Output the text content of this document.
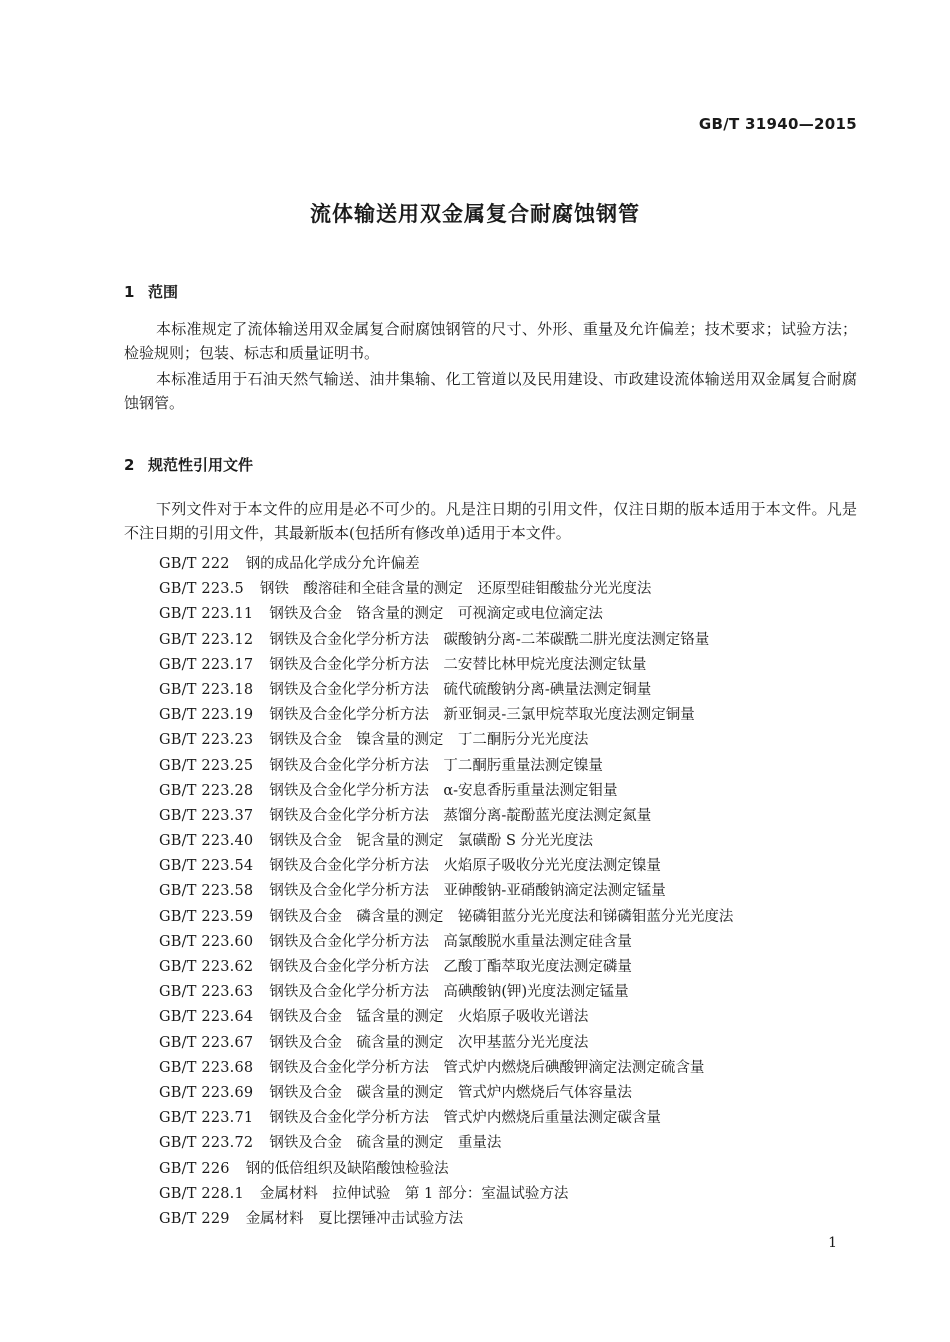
GB/T 31940—2015
流体输送用双金属复合耐腐蚀钢管
1 范围

本标准规定了流体输送用双金属复合耐腐蚀钢管的尺寸、外形、重量及允许偏差；技术要求；试验方法；检验规则；包装、标志和质量证明书。

本标准适用于石油天然气输送、油井集输、化工管道以及民用建设、市政建设流体输送用双金属复合耐腐蚀钢管。

2 规范性引用文件

下列文件对于本文件的应用是必不可少的。凡是注日期的引用文件，仅注日期的版本适用于本文件。凡是不注日期的引用文件，其最新版本(包括所有修改单)适用于本文件。

GB/T 222 钢的成品化学成分允许偏差
GB/T 223.5 钢铁　酸溶硅和全硅含量的测定　还原型硅钼酸盐分光光度法
GB/T 223.11 钢铁及合金　铬含量的测定　可视滴定或电位滴定法
GB/T 223.12 钢铁及合金化学分析方法　碳酸钠分离-二苯碳酰二肼光度法测定铬量
GB/T 223.17 钢铁及合金化学分析方法　二安替比林甲烷光度法测定钛量
GB/T 223.18 钢铁及合金化学分析方法　硫代硫酸钠分离-碘量法测定铜量
GB/T 223.19 钢铁及合金化学分析方法　新亚铜灵-三氯甲烷萃取光度法测定铜量
GB/T 223.23 钢铁及合金　镍含量的测定　丁二酮肟分光光度法
GB/T 223.25 钢铁及合金化学分析方法　丁二酮肟重量法测定镍量
GB/T 223.28 钢铁及合金化学分析方法　α-安息香肟重量法测定钼量
GB/T 223.37 钢铁及合金化学分析方法　蒸馏分离-靛酚蓝光度法测定氮量
GB/T 223.40 钢铁及合金　铌含量的测定　氯磺酚 S 分光光度法
GB/T 223.54 钢铁及合金化学分析方法　火焰原子吸收分光光度法测定镍量
GB/T 223.58 钢铁及合金化学分析方法　亚砷酸钠-亚硝酸钠滴定法测定锰量
GB/T 223.59 钢铁及合金　磷含量的测定　铋磷钼蓝分光光度法和锑磷钼蓝分光光度法
GB/T 223.60 钢铁及合金化学分析方法　高氯酸脱水重量法测定硅含量
GB/T 223.62 钢铁及合金化学分析方法　乙酸丁酯萃取光度法测定磷量
GB/T 223.63 钢铁及合金化学分析方法　高碘酸钠(钾)光度法测定锰量
GB/T 223.64 钢铁及合金　锰含量的测定　火焰原子吸收光谱法
GB/T 223.67 钢铁及合金　硫含量的测定　次甲基蓝分光光度法
GB/T 223.68 钢铁及合金化学分析方法　管式炉内燃烧后碘酸钾滴定法测定硫含量
GB/T 223.69 钢铁及合金　碳含量的测定　管式炉内燃烧后气体容量法
GB/T 223.71 钢铁及合金化学分析方法　管式炉内燃烧后重量法测定碳含量
GB/T 223.72 钢铁及合金　硫含量的测定　重量法
GB/T 226 钢的低倍组织及缺陷酸蚀检验法
GB/T 228.1 金属材料　拉伸试验　第 1 部分：室温试验方法
GB/T 229 金属材料　夏比摆锤冲击试验方法
1
